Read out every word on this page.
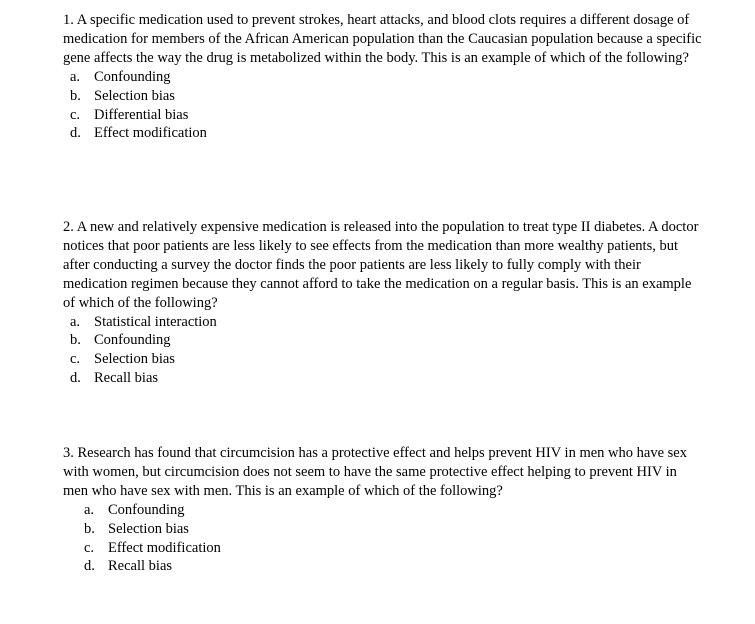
1. A specific medication used to prevent strokes, heart attacks, and blood clots requires a different dosage of medication for members of the African American population than the Caucasian population because a specific gene affects the way the drug is metabolized within the body. This is an example of which of the following?

a. Confounding
b. Selection bias
c. Differential bias
d. Effect modification

2. A new and relatively expensive medication is released into the population to treat type II diabetes. A doctor notices that poor patients are less likely to see effects from the medication than more wealthy patients, but after conducting a survey the doctor finds the poor patients are less likely to fully comply with their medication regimen because they cannot afford to take the medication on a regular basis. This is an example of which of the following?

a. Statistical interaction
b. Confounding
c. Selection bias
d. Recall bias

3. Research has found that circumcision has a protective effect and helps prevent HIV in men who have sex with women, but circumcision does not seem to have the same protective effect helping to prevent HIV in men who have sex with men. This is an example of which of the following?

a. Confounding
b. Selection bias
c. Effect modification
d. Recall bias
